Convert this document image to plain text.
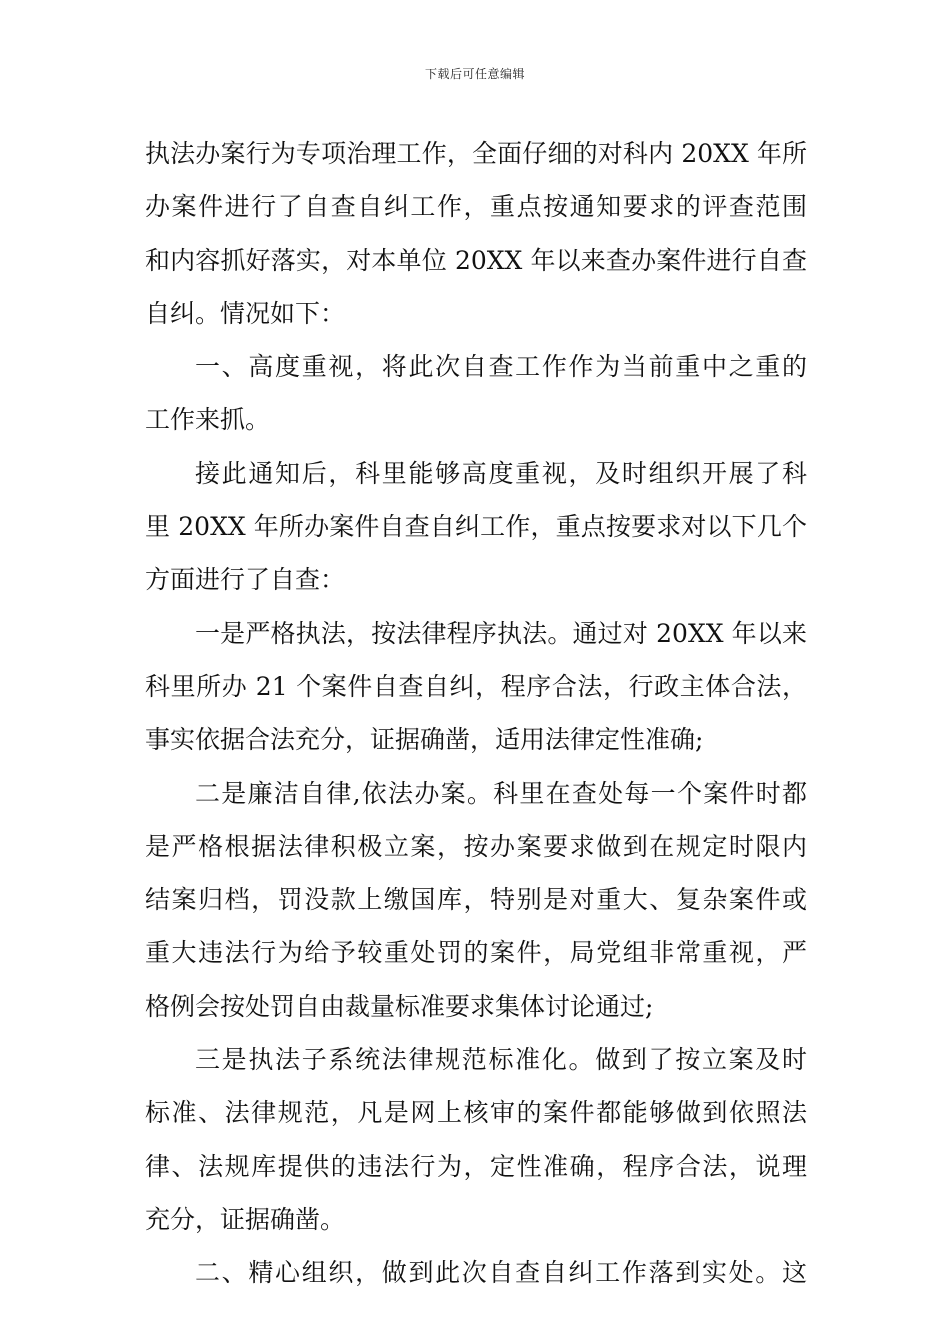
下载后可任意编辑
执法办案行为专项治理工作，全面仔细的对科内 20XX 年所
办案件进行了自查自纠工作，重点按通知要求的评查范围
和内容抓好落实，对本单位 20XX 年以来查办案件进行自查
自纠。情况如下：
一、高度重视，将此次自查工作作为当前重中之重的
工作来抓。
接此通知后，科里能够高度重视，及时组织开展了科
里 20XX 年所办案件自查自纠工作，重点按要求对以下几个
方面进行了自查：
一是严格执法，按法律程序执法。通过对 20XX 年以来
科里所办 21 个案件自查自纠，程序合法，行政主体合法，
事实依据合法充分，证据确凿，适用法律定性准确;
二是廉洁自律,依法办案。科里在查处每一个案件时都
是严格根据法律积极立案，按办案要求做到在规定时限内
结案归档，罚没款上缴国库，特别是对重大、复杂案件或
重大违法行为给予较重处罚的案件，局党组非常重视，严
格例会按处罚自由裁量标准要求集体讨论通过;
三是执法子系统法律规范标准化。做到了按立案及时
标准、法律规范，凡是网上核审的案件都能够做到依照法
律、法规库提供的违法行为，定性准确，程序合法，说理
充分，证据确凿。
二、精心组织，做到此次自查自纠工作落到实处。这
